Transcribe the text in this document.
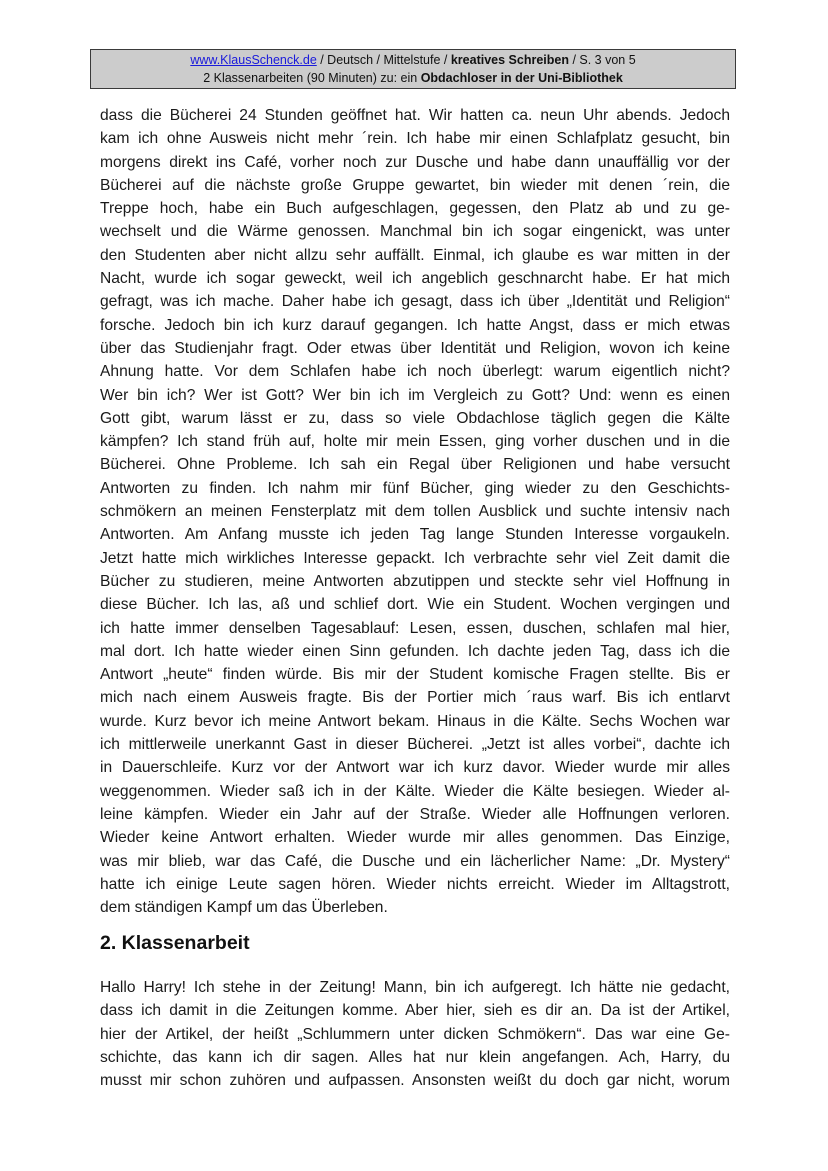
www.KlausSchenck.de / Deutsch / Mittelstufe / kreatives Schreiben / S. 3 von 5
2 Klassenarbeiten (90 Minuten) zu: ein Obdachloser in der Uni-Bibliothek
dass die Bücherei 24 Stunden geöffnet hat. Wir hatten ca. neun Uhr abends. Jedoch
kam ich ohne Ausweis nicht mehr ´rein. Ich habe mir einen Schlafplatz gesucht, bin
morgens direkt ins Café, vorher noch zur Dusche und habe dann unauffällig vor der
Bücherei auf die nächste große Gruppe gewartet, bin wieder mit denen ´rein, die
Treppe hoch, habe ein Buch aufgeschlagen, gegessen, den Platz ab und zu ge-
wechselt und die Wärme genossen. Manchmal bin ich sogar eingenickt, was unter
den Studenten aber nicht allzu sehr auffällt. Einmal, ich glaube es war mitten in der
Nacht, wurde ich sogar geweckt, weil ich angeblich geschnarcht habe. Er hat mich
gefragt, was ich mache. Daher habe ich gesagt, dass ich über „Identität und Religion“
forsche. Jedoch bin ich kurz darauf gegangen. Ich hatte Angst, dass er mich etwas
über das Studienjahr fragt. Oder etwas über Identität und Religion, wovon ich keine
Ahnung hatte. Vor dem Schlafen habe ich noch überlegt: warum eigentlich nicht?
Wer bin ich? Wer ist Gott? Wer bin ich im Vergleich zu Gott? Und: wenn es einen
Gott gibt, warum lässt er zu, dass so viele Obdachlose täglich gegen die Kälte
kämpfen? Ich stand früh auf, holte mir mein Essen, ging vorher duschen und in die
Bücherei. Ohne Probleme. Ich sah ein Regal über Religionen und habe versucht
Antworten zu finden. Ich nahm mir fünf Bücher, ging wieder zu den Geschichts-
schmökern an meinen Fensterplatz mit dem tollen Ausblick und suchte intensiv nach
Antworten. Am Anfang musste ich jeden Tag lange Stunden Interesse vorgaukeln.
Jetzt hatte mich wirkliches Interesse gepackt. Ich verbrachte sehr viel Zeit damit die
Bücher zu studieren, meine Antworten abzutippen und steckte sehr viel Hoffnung in
diese Bücher. Ich las, aß und schlief dort. Wie ein Student. Wochen vergingen und
ich hatte immer denselben Tagesablauf: Lesen, essen, duschen, schlafen mal hier,
mal dort. Ich hatte wieder einen Sinn gefunden. Ich dachte jeden Tag, dass ich die
Antwort „heute“ finden würde. Bis mir der Student komische Fragen stellte. Bis er
mich nach einem Ausweis fragte. Bis der Portier mich ´raus warf. Bis ich entlarvt
wurde. Kurz bevor ich meine Antwort bekam. Hinaus in die Kälte. Sechs Wochen war
ich mittlerweile unerkannt Gast in dieser Bücherei. „Jetzt ist alles vorbei“, dachte ich
in Dauerschleife. Kurz vor der Antwort war ich kurz davor. Wieder wurde mir alles
weggenommen. Wieder saß ich in der Kälte. Wieder die Kälte besiegen. Wieder al-
leine kämpfen. Wieder ein Jahr auf der Straße. Wieder alle Hoffnungen verloren.
Wieder keine Antwort erhalten. Wieder wurde mir alles genommen. Das Einzige,
was mir blieb, war das Café, die Dusche und ein lächerlicher Name: „Dr. Mystery“
hatte ich einige Leute sagen hören. Wieder nichts erreicht. Wieder im Alltagstrott,
dem ständigen Kampf um das Überleben.
2. Klassenarbeit
Hallo Harry! Ich stehe in der Zeitung! Mann, bin ich aufgeregt. Ich hätte nie gedacht,
dass ich damit in die Zeitungen komme. Aber hier, sieh es dir an. Da ist der Artikel,
hier der Artikel, der heißt „Schlummern unter dicken Schmökern“. Das war eine Ge-
schichte, das kann ich dir sagen. Alles hat nur klein angefangen. Ach, Harry, du
musst mir schon zuhören und aufpassen. Ansonsten weißt du doch gar nicht, worum
